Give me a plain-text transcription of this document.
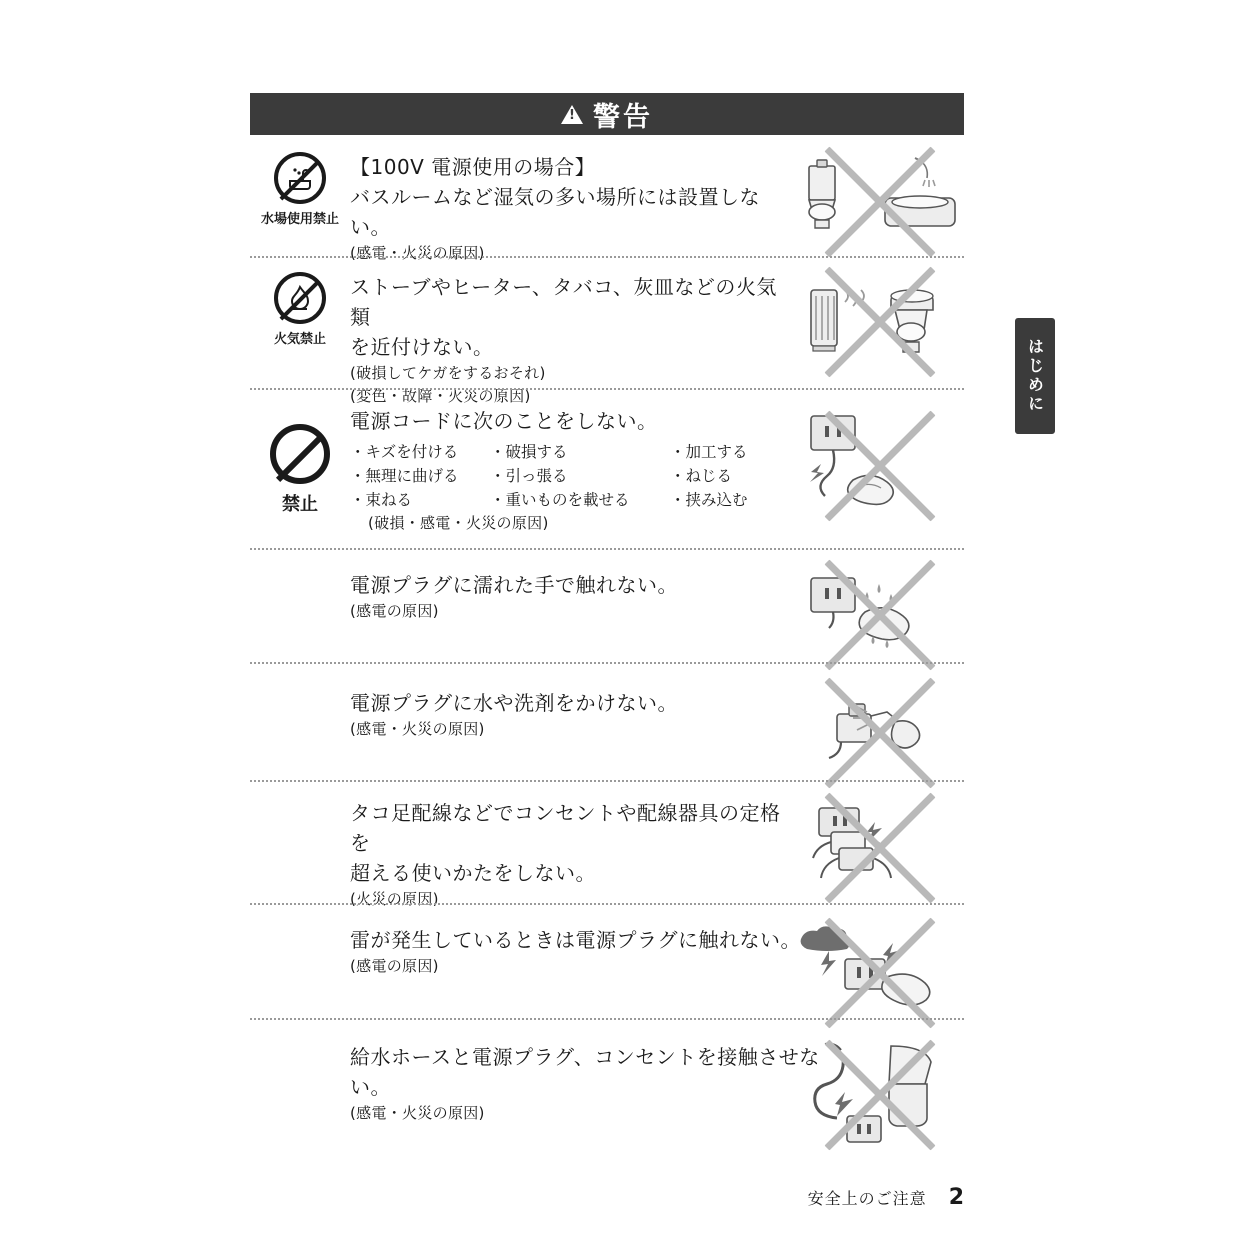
!
警告
はじめに
水場使用禁止
【100V 電源使用の場合】
バスルームなど湿気の多い場所には設置しない。
(感電・火災の原因)
火気禁止
ストーブやヒーター、タバコ、灰皿などの火気類
を近付けない。
(破損してケガをするおそれ)
(変色・故障・火災の原因)
禁止
電源コードに次のことをしない。
・キズを付ける	・破損する	・加工する
・無理に曲げる	・引っ張る	・ねじる
・束ねる	・重いものを載せる	・挟み込む
(破損・感電・火災の原因)
電源プラグに濡れた手で触れない。
(感電の原因)
電源プラグに水や洗剤をかけない。
(感電・火災の原因)
タコ足配線などでコンセントや配線器具の定格を
超える使いかたをしない。
(火災の原因)
雷が発生しているときは電源プラグに触れない。
(感電の原因)
給水ホースと電源プラグ、コンセントを接触させない。
(感電・火災の原因)
安全上のご注意 2
